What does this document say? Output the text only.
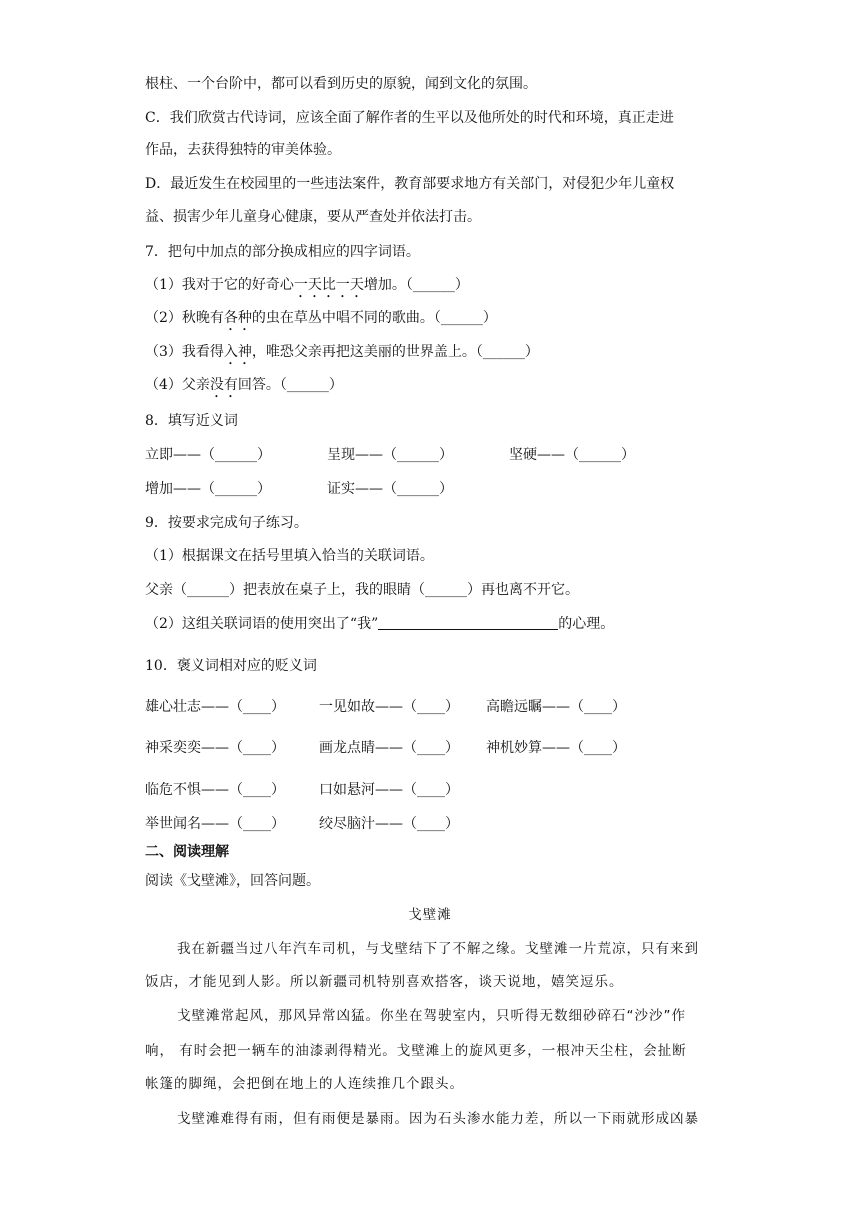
根柱、一个台阶中，都可以看到历史的原貌，闻到文化的氛围。
C．我们欣赏古代诗词，应该全面了解作者的生平以及他所处的时代和环境，真正走进
作品，去获得独特的审美体验。
D．最近发生在校园里的一些违法案件，教育部要求地方有关部门，对侵犯少年儿童权
益、损害少年儿童身心健康，要从严查处并依法打击。
7．把句中加点的部分换成相应的四字词语。
（1）我对于它的好奇心一天比一天增加。（______）
（2）秋晚有各种的虫在草丛中唱不同的歌曲。（______）
（3）我看得入神，唯恐父亲再把这美丽的世界盖上。（______）
（4）父亲没有回答。（______）
8．填写近义词
立即——（______）	呈现——（______）	坚硬——（______）
增加——（______）	证实——（______）
9．按要求完成句子练习。
（1）根据课文在括号里填入恰当的关联词语。
父亲（______）把表放在桌子上，我的眼睛（______）再也离不开它。
（2）这组关联词语的使用突出了“我”	的心理。
10．褒义词相对应的贬义词
雄心壮志——（____） 一见如故——（____） 高瞻远瞩——（____）
神采奕奕——（____） 画龙点睛——（____） 神机妙算——（____）
临危不惧——（____） 口如悬河——（____）
举世闻名——（____） 绞尽脑汁——（____）
二、阅读理解
阅读《戈壁滩》，回答问题。
戈壁滩
我在新疆当过八年汽车司机，与戈壁结下了不解之缘。戈壁滩一片荒凉，只有来到
饭店，才能见到人影。所以新疆司机特别喜欢搭客，谈天说地，嬉笑逗乐。
戈壁滩常起风，那风异常凶猛。你坐在驾驶室内，只听得无数细砂碎石“沙沙”作
响， 有时会把一辆车的油漆剥得精光。戈壁滩上的旋风更多，一根冲天尘柱，会扯断
帐篷的脚绳，会把倒在地上的人连续推几个跟头。
戈壁滩难得有雨，但有雨便是暴雨。因为石头渗水能力差，所以一下雨就形成凶暴
